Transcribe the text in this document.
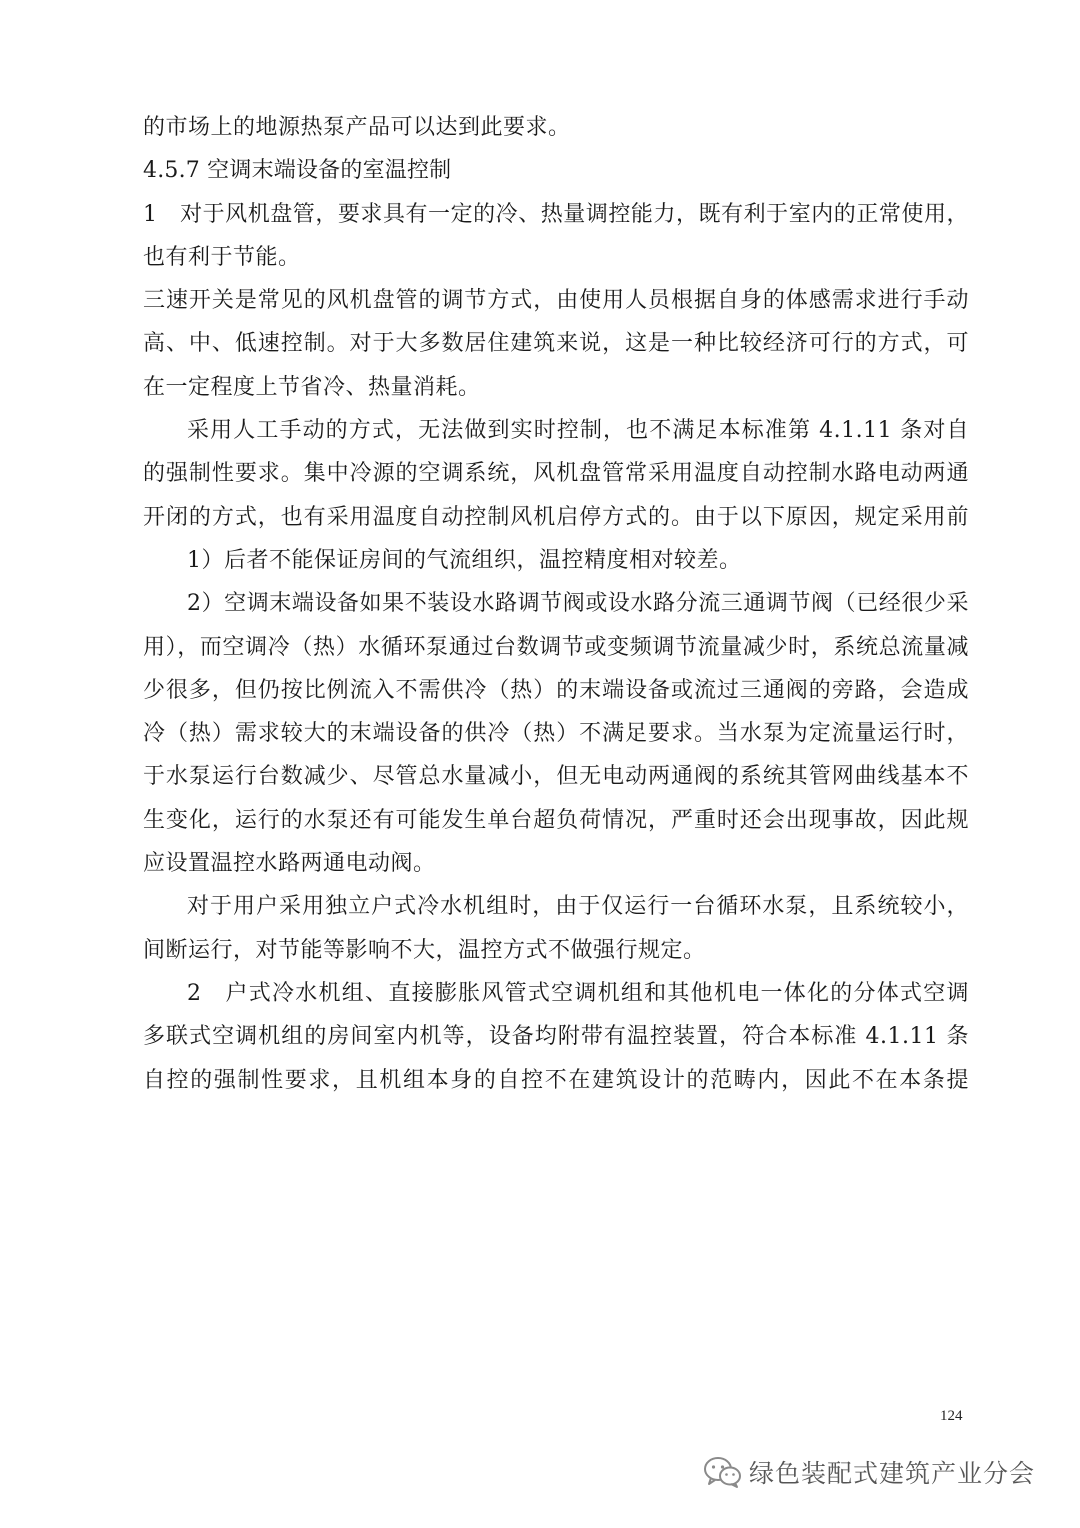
的市场上的地源热泵产品可以达到此要求。
4.5.7 空调末端设备的室温控制
1　对于风机盘管，要求具有一定的冷、热量调控能力，既有利于室内的正常使用，
也有利于节能。
三速开关是常见的风机盘管的调节方式，由使用人员根据自身的体感需求进行手动
高、中、低速控制。对于大多数居住建筑来说，这是一种比较经济可行的方式，可
在一定程度上节省冷、热量消耗。
采用人工手动的方式，无法做到实时控制，也不满足本标准第 4.1.11 条对自
的强制性要求。集中冷源的空调系统，风机盘管常采用温度自动控制水路电动两通
开闭的方式，也有采用温度自动控制风机启停方式的。由于以下原因，规定采用前
1）后者不能保证房间的气流组织，温控精度相对较差。
2）空调末端设备如果不装设水路调节阀或设水路分流三通调节阀（已经很少采
用），而空调冷（热）水循环泵通过台数调节或变频调节流量减少时，系统总流量减
少很多，但仍按比例流入不需供冷（热）的末端设备或流过三通阀的旁路，会造成
冷（热）需求较大的末端设备的供冷（热）不满足要求。当水泵为定流量运行时，
于水泵运行台数减少、尽管总水量减小，但无电动两通阀的系统其管网曲线基本不
生变化，运行的水泵还有可能发生单台超负荷情况，严重时还会出现事故，因此规
应设置温控水路两通电动阀。
对于用户采用独立户式冷水机组时，由于仅运行一台循环水泵，且系统较小，
间断运行，对节能等影响不大，温控方式不做强行规定。
2　户式冷水机组、直接膨胀风管式空调机组和其他机电一体化的分体式空调
多联式空调机组的房间室内机等，设备均附带有温控装置，符合本标准 4.1.11 条
自控的强制性要求，且机组本身的自控不在建筑设计的范畴内，因此不在本条提
124
绿色装配式建筑产业分会
